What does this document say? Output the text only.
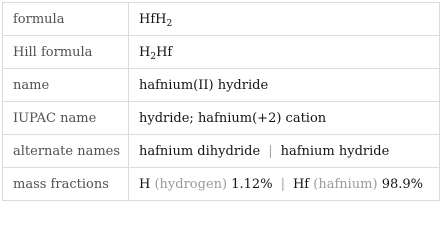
formula	HfH$_2$
Hill formula	$H_2Hf$
name	hafnium(II) hydride
IUPAC name	hydride; hafnium(+2) cation
alternate names	hafnium dihydride | hafnium hydride
mass fractions	H (hydrogen) 1.12% | Hf (hafnium) 98.9%
